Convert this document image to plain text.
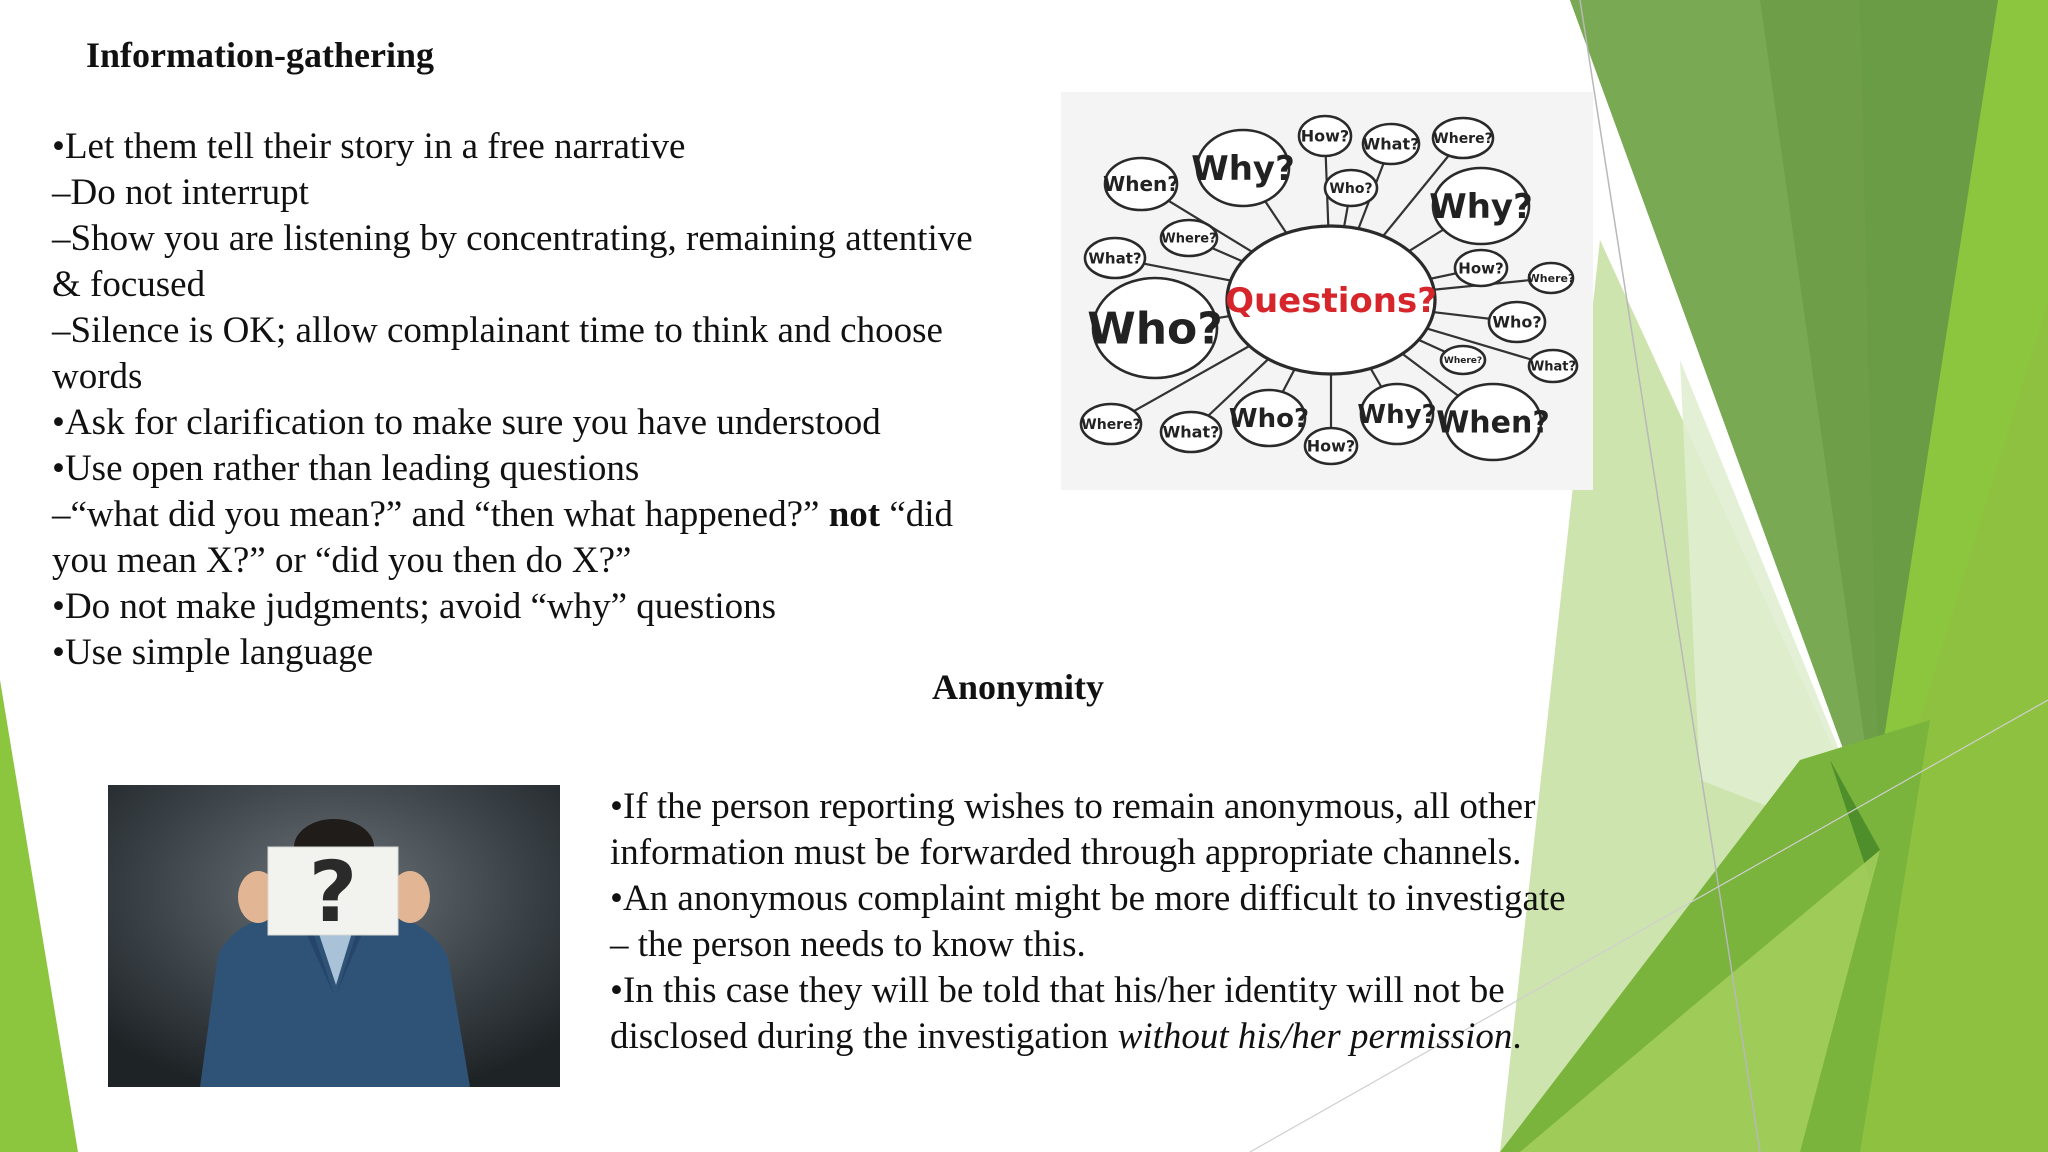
Information-gathering
•Let them tell their story in a free narrative
–Do not interrupt
–Show you are listening by concentrating, remaining attentive
& focused
–Silence is OK; allow complainant time to think and choose
words
•Ask for clarification to make sure you have understood
•Use open rather than leading questions
–“what did you mean?” and “then what happened?” not “did
you mean X?” or “did you then do X?”
•Do not make judgments; avoid “why” questions
•Use simple language
How? What? Where?
When? Why? Who? Why?
Where?
What?
How?
Where?
Who?	Who?
Where?	What?
Where? What? Who?
How?
Why? When?
Questions?
Anonymity
?
•If the person reporting wishes to remain anonymous, all other
information must be forwarded through appropriate channels.
•An anonymous complaint might be more difficult to investigate
– the person needs to know this.
•In this case they will be told that his/her identity will not be
disclosed during the investigation without his/her permission.
